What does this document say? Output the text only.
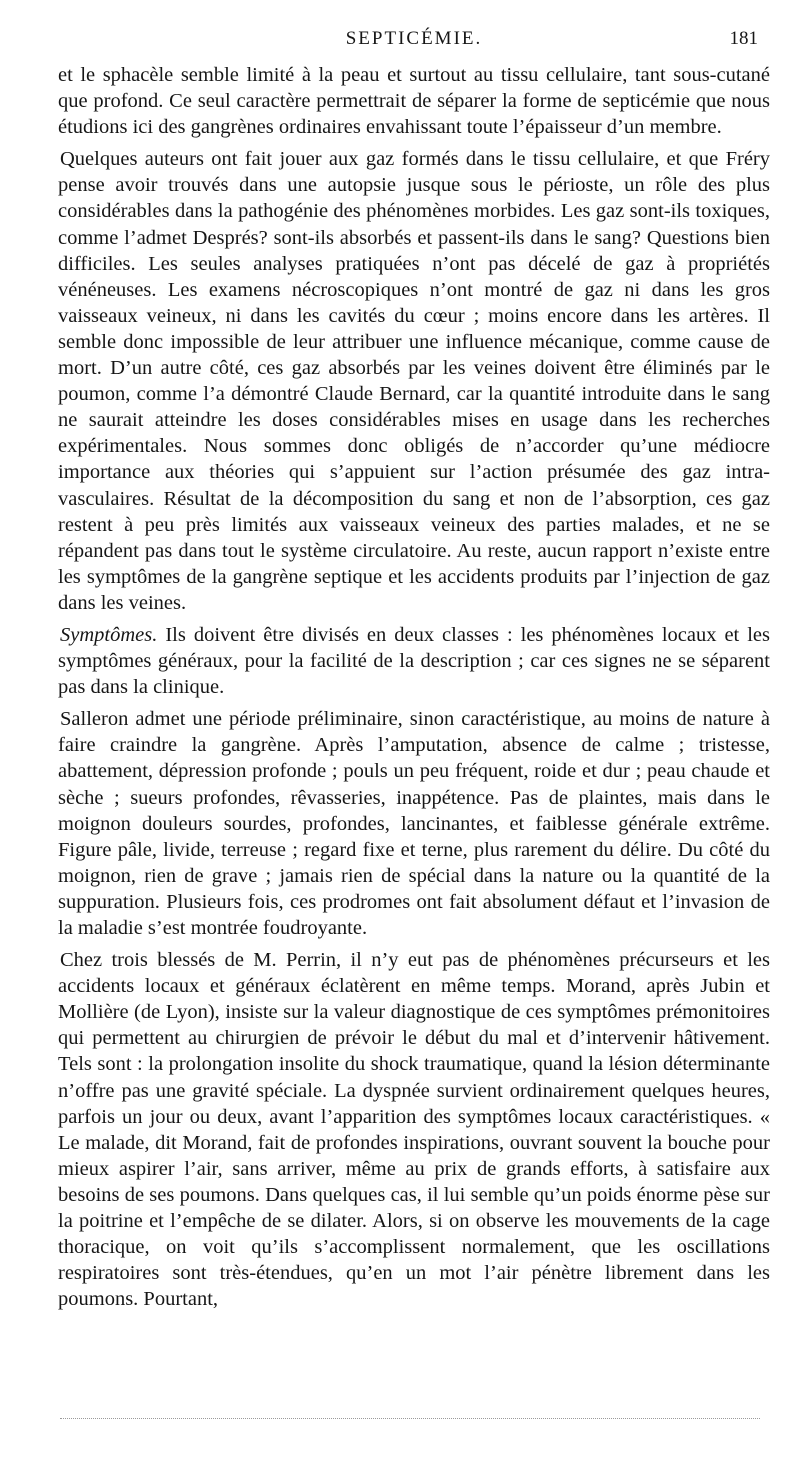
SEPTICÉMIE.	181

et le sphacèle semble limité à la peau et surtout au tissu cellulaire, tant sous-cutané que profond. Ce seul caractère permettrait de séparer la forme de septicémie que nous étudions ici des gangrènes ordinaires envahissant toute l’épaisseur d’un membre.

Quelques auteurs ont fait jouer aux gaz formés dans le tissu cellulaire, et que Fréry pense avoir trouvés dans une autopsie jusque sous le périoste, un rôle des plus considérables dans la pathogénie des phénomènes morbides. Les gaz sont-ils toxiques, comme l’admet Després? sont-ils absorbés et passent-ils dans le sang? Questions bien difficiles. Les seules analyses pratiquées n’ont pas décelé de gaz à propriétés vénéneuses. Les examens nécroscopiques n’ont montré de gaz ni dans les gros vaisseaux veineux, ni dans les cavités du cœur ; moins encore dans les artères. Il semble donc impossible de leur attribuer une influence mécanique, comme cause de mort. D’un autre côté, ces gaz absorbés par les veines doivent être éliminés par le poumon, comme l’a démontré Claude Bernard, car la quantité introduite dans le sang ne saurait atteindre les doses considérables mises en usage dans les recherches expérimentales. Nous sommes donc obligés de n’accorder qu’une médiocre importance aux théories qui s’appuient sur l’action présumée des gaz intra-vasculaires. Résultat de la décomposition du sang et non de l’absorption, ces gaz restent à peu près limités aux vaisseaux veineux des parties malades, et ne se répandent pas dans tout le système circulatoire. Au reste, aucun rapport n’existe entre les symptômes de la gangrène septique et les accidents produits par l’injection de gaz dans les veines.

Symptômes. Ils doivent être divisés en deux classes : les phénomènes locaux et les symptômes généraux, pour la facilité de la description ; car ces signes ne se séparent pas dans la clinique.

Salleron admet une période préliminaire, sinon caractéristique, au moins de nature à faire craindre la gangrène. Après l’amputation, absence de calme ; tristesse, abattement, dépression profonde ; pouls un peu fréquent, roide et dur ; peau chaude et sèche ; sueurs profondes, rêvasseries, inappétence. Pas de plaintes, mais dans le moignon douleurs sourdes, profondes, lancinantes, et faiblesse générale extrême. Figure pâle, livide, terreuse ; regard fixe et terne, plus rarement du délire. Du côté du moignon, rien de grave ; jamais rien de spécial dans la nature ou la quantité de la suppuration. Plusieurs fois, ces prodromes ont fait absolument défaut et l’invasion de la maladie s’est montrée foudroyante.

Chez trois blessés de M. Perrin, il n’y eut pas de phénomènes précurseurs et les accidents locaux et généraux éclatèrent en même temps. Morand, après Jubin et Mollière (de Lyon), insiste sur la valeur diagnostique de ces symptômes prémonitoires qui permettent au chirurgien de prévoir le début du mal et d’intervenir hâtivement. Tels sont : la prolongation insolite du shock traumatique, quand la lésion déterminante n’offre pas une gravité spéciale. La dyspnée survient ordinairement quelques heures, parfois un jour ou deux, avant l’apparition des symptômes locaux caractéristiques. « Le malade, dit Morand, fait de profondes inspirations, ouvrant souvent la bouche pour mieux aspirer l’air, sans arriver, même au prix de grands efforts, à satisfaire aux besoins de ses poumons. Dans quelques cas, il lui semble qu’un poids énorme pèse sur la poitrine et l’empêche de se dilater. Alors, si on observe les mouvements de la cage thoracique, on voit qu’ils s’accomplissent normalement, que les oscillations respiratoires sont très-étendues, qu’en un mot l’air pénètre librement dans les poumons. Pourtant,
